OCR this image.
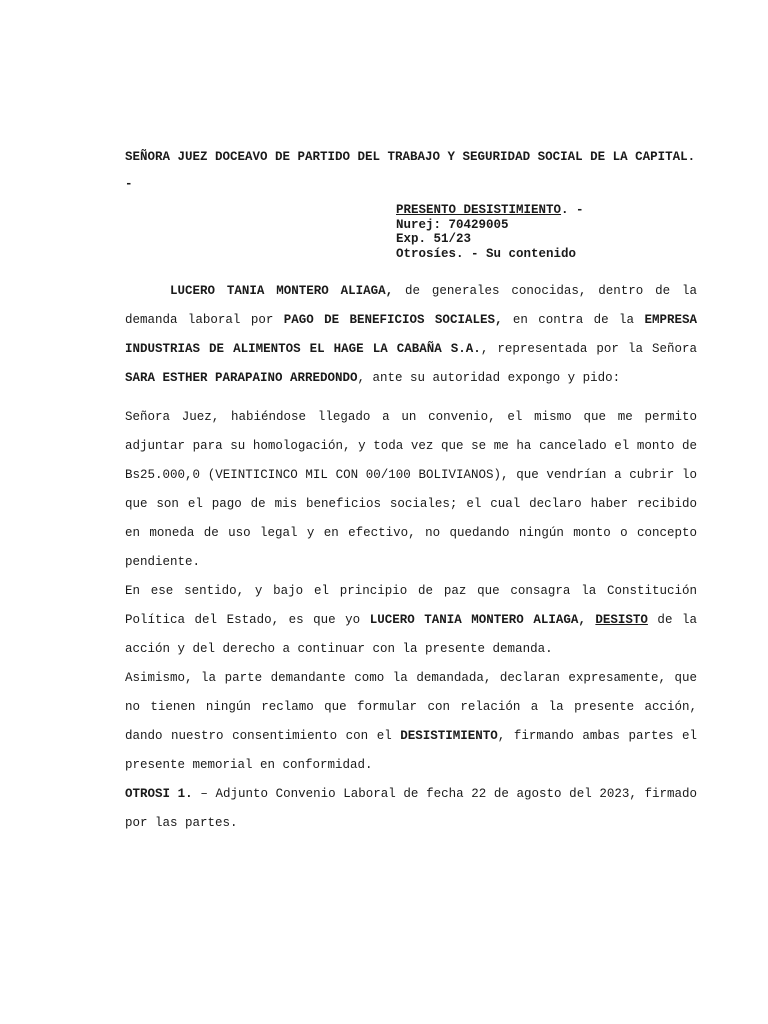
SEÑORA JUEZ DOCEAVO DE PARTIDO DEL TRABAJO Y SEGURIDAD SOCIAL DE LA CAPITAL. -
PRESENTO DESISTIMIENTO. -
Nurej: 70429005
Exp. 51/23
Otrosíes. - Su contenido

LUCERO TANIA MONTERO ALIAGA, de generales conocidas, dentro de la demanda laboral por PAGO DE BENEFICIOS SOCIALES, en contra de la EMPRESA INDUSTRIAS DE ALIMENTOS EL HAGE LA CABAÑA S.A., representada por la Señora SARA ESTHER PARAPAINO ARREDONDO, ante su autoridad expongo y pido:

Señora Juez, habiéndose llegado a un convenio, el mismo que me permito adjuntar para su homologación, y toda vez que se me ha cancelado el monto de Bs25.000,0 (VEINTICINCO MIL CON 00/100 BOLIVIANOS), que vendrían a cubrir lo que son el pago de mis beneficios sociales; el cual declaro haber recibido en moneda de uso legal y en efectivo, no quedando ningún monto o concepto pendiente.

En ese sentido, y bajo el principio de paz que consagra la Constitución Política del Estado, es que yo LUCERO TANIA MONTERO ALIAGA, DESISTO de la acción y del derecho a continuar con la presente demanda.

Asimismo, la parte demandante como la demandada, declaran expresamente, que no tienen ningún reclamo que formular con relación a la presente acción, dando nuestro consentimiento con el DESISTIMIENTO, firmando ambas partes el presente memorial en conformidad.

OTROSI 1. – Adjunto Convenio Laboral de fecha 22 de agosto del 2023, firmado por las partes.
